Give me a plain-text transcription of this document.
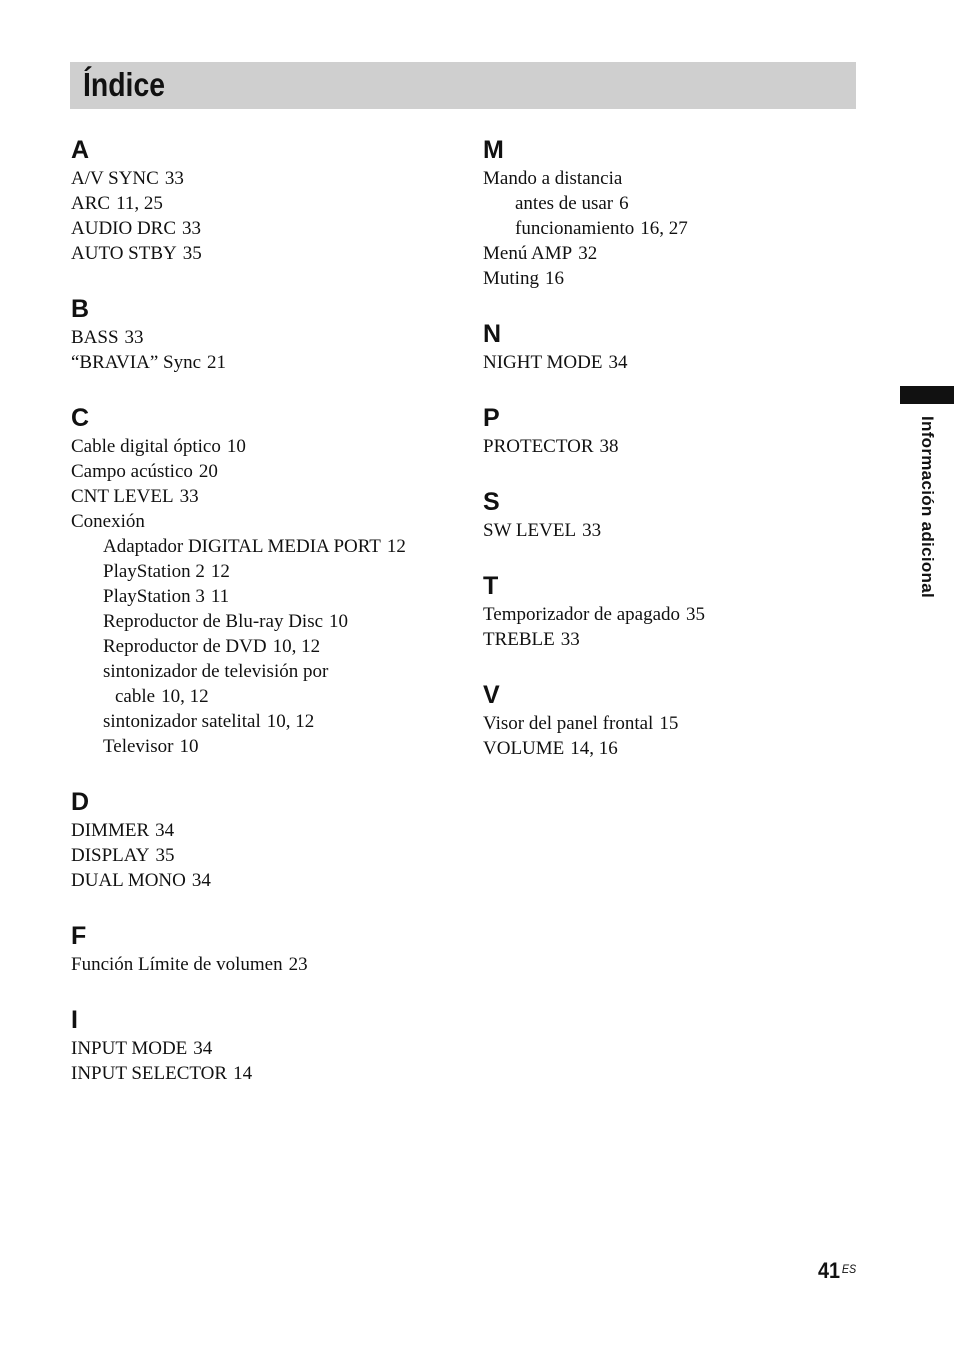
Índice
A
A/V SYNC 33
ARC 11, 25
AUDIO DRC 33
AUTO STBY 35
B
BASS 33
“BRAVIA” Sync 21
C
Cable digital óptico 10
Campo acústico 20
CNT LEVEL 33
Conexión
Adaptador DIGITAL MEDIA PORT 12
PlayStation 2 12
PlayStation 3 11
Reproductor de Blu-ray Disc 10
Reproductor de DVD 10, 12
sintonizador de televisión por
cable 10, 12
sintonizador satelital 10, 12
Televisor 10
D
DIMMER 34
DISPLAY 35
DUAL MONO 34
F
Función Límite de volumen 23
I
INPUT MODE 34
INPUT SELECTOR 14
M
Mando a distancia
antes de usar 6
funcionamiento 16, 27
Menú AMP 32
Muting 16
N
NIGHT MODE 34
P
PROTECTOR 38
S
SW LEVEL 33
T
Temporizador de apagado 35
TREBLE 33
V
Visor del panel frontal 15
VOLUME 14, 16
Información adicional
41 $^{ES}$
